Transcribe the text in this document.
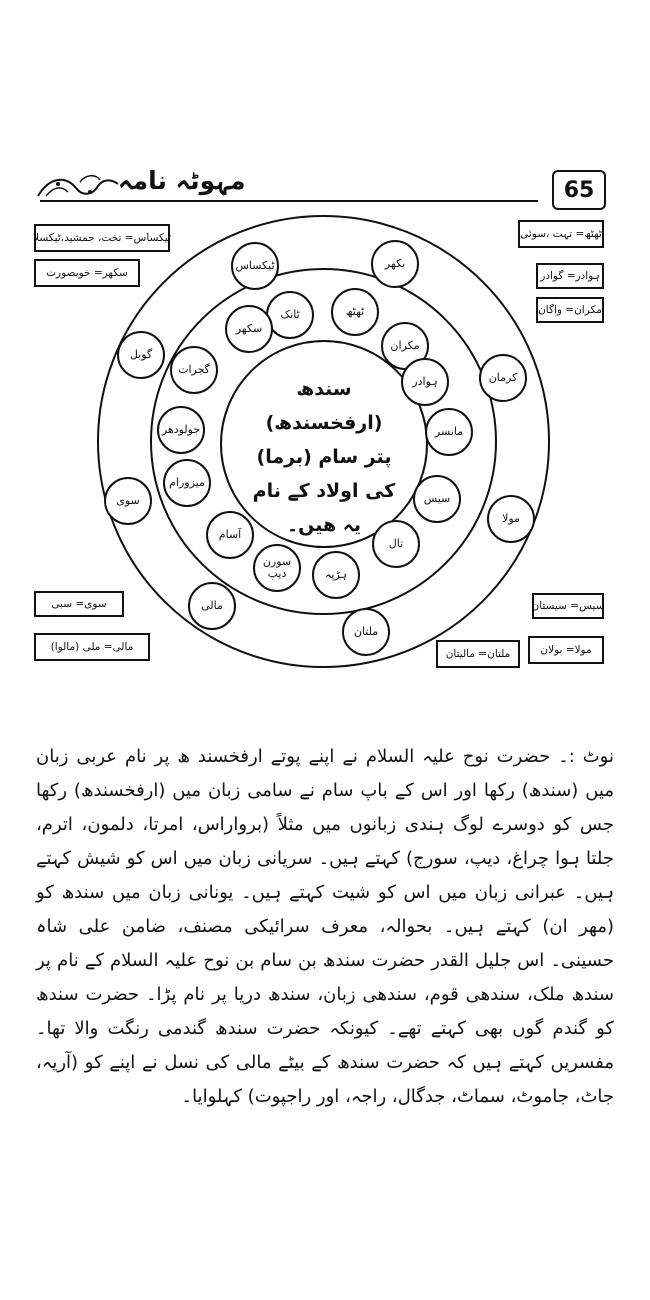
مہوٹہ نامہ	65
سندھ (ارفخسندھ)
پتر سام (برما)
کی اولاد کے نام
یہ ھیں۔
ٹیکساس	بکھر
کرمان
گوبل
مانسر
سوی
مولا
مالی
ملتان
ٹانک	ٹھٹھ
سکھر
مکران
گجرات
ہوادر
جولودھر
میزورام
سیس
آسام
تال
سورن دیپ	ہڑپہ
ٹیکساس= تخت، جمشید،ٹیکسلا
سکھر= خوبصورت
ٹھٹھ= تہت ،سوئی
ہوادر= گوادر
مکران= واگان
سوی= سبی
مالی= ملی (مالوا)
سیس= سیستان
ملتان= مالیتان	مولا= بولان

نوٹ :۔ حضرت نوح علیہ السلام نے اپنے پوتے ارفخسند ھ پر نام عربی زبان میں (سندھ) رکھا اور اس کے باپ سام نے سامی زبان میں (ارفخسندھ) رکھا جس کو دوسرے لوگ ہندی زبانوں میں مثلاً (برواراس، امرتا، دلمون، اترم، جلتا ہوا چراغ، دیپ، سورج) کہتے ہیں۔ سریانی زبان میں اس کو شیش کہتے ہیں۔ عبرانی زبان میں اس کو شیت کہتے ہیں۔ یونانی زبان میں سندھ کو (مھر ان) کہتے ہیں۔ بحوالہ، معرف سرائیکی مصنف، ضامن علی شاہ حسینی۔ اس جلیل القدر حضرت سندھ بن سام بن نوح علیہ السلام کے نام پر سندھ ملک، سندھی قوم، سندھی زبان، سندھ دریا پر نام پڑا۔ حضرت سندھ کو گندم گوں بھی کہتے تھے۔ کیونکہ حضرت سندھ گندمی رنگت والا تھا۔ مفسریں کہتے ہیں کہ حضرت سندھ کے بیٹے مالی کی نسل نے اپنے کو (آریہ، جاٹ، جاموٹ، سماٹ، جدگال، راجہ، اور راجپوت) کہلوایا۔
